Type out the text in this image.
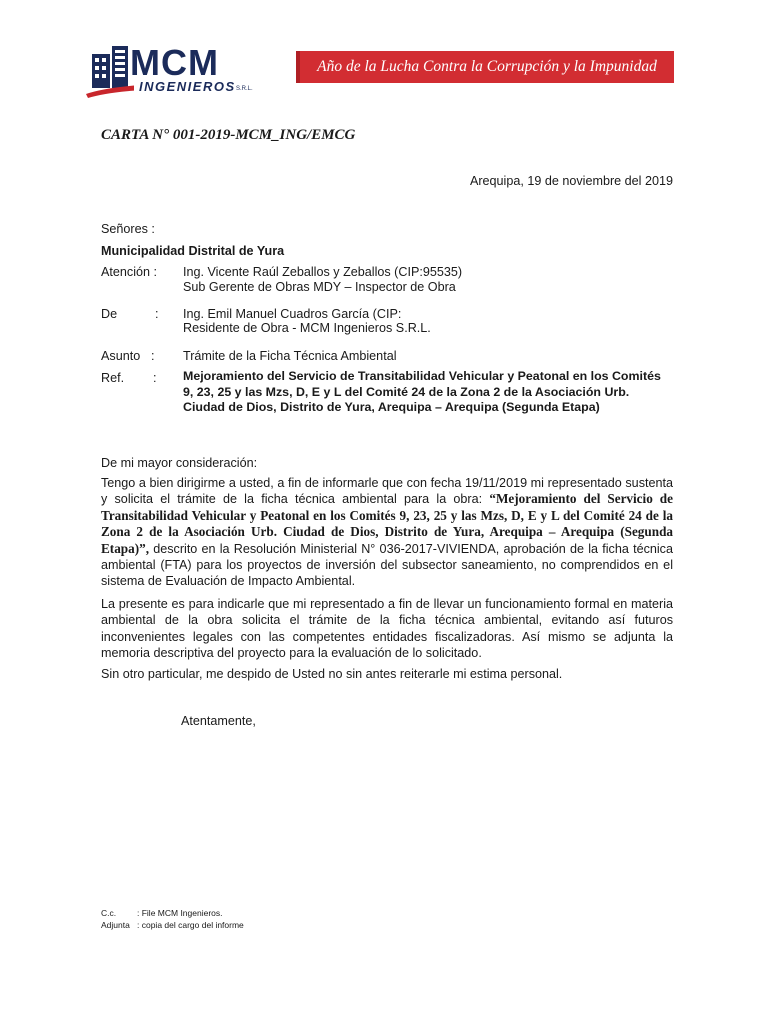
MCM
INGENIEROS S.R.L.
Año de la Lucha Contra la Corrupción y la Impunidad
CARTA N° 001-2019-MCM_ING/EMCG
Arequipa, 19 de noviembre del 2019
Señores :
Municipalidad Distrital de Yura
Atención : Ing. Vicente Raúl Zeballos y Zeballos (CIP:95535)
Sub Gerente de Obras MDY – Inspector de Obra
De	: Ing. Emil Manuel Cuadros García (CIP:
Residente de Obra - MCM Ingenieros S.R.L.
Asunto : Trámite de la Ficha Técnica Ambiental
Ref. : Mejoramiento del Servicio de Transitabilidad Vehicular y Peatonal en los Comités 9, 23, 25 y las Mzs, D, E y L del Comité 24 de la Zona 2 de la Asociación Urb. Ciudad de Dios, Distrito de Yura, Arequipa – Arequipa (Segunda Etapa)
De mi mayor consideración:
Tengo a bien dirigirme a usted, a fin de informarle que con fecha 19/11/2019 mi representado sustenta y solicita el trámite de la ficha técnica ambiental para la obra: “Mejoramiento del Servicio de Transitabilidad Vehicular y Peatonal en los Comités 9, 23, 25 y las Mzs, D, E y L del Comité 24 de la Zona 2 de la Asociación Urb. Ciudad de Dios, Distrito de Yura, Arequipa – Arequipa (Segunda Etapa)”, descrito en la Resolución Ministerial N° 036-2017-VIVIENDA, aprobación de la ficha técnica ambiental (FTA) para los proyectos de inversión del subsector saneamiento, no comprendidos en el sistema de Evaluación de Impacto Ambiental.
La presente es para indicarle que mi representado a fin de llevar un funcionamiento formal en materia ambiental de la obra solicita el trámite de la ficha técnica ambiental, evitando así futuros inconvenientes legales con las competentes entidades fiscalizadoras. Así mismo se adjunta la memoria descriptiva del proyecto para la evaluación de lo solicitado.
Sin otro particular, me despido de Usted no sin antes reiterarle mi estima personal.
Atentamente,
C.c. : File MCM Ingenieros.
Adjunta : copia del cargo del informe
